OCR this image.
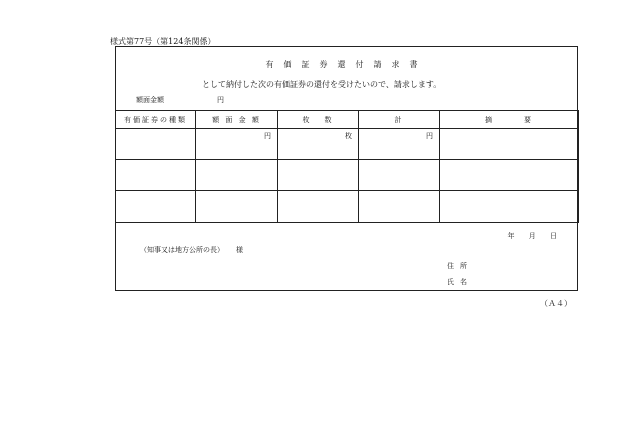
様式第77号（第124条関係）
有価証券還付請求書
として納付した次の有価証券の還付を受けたいので、請求します。
額面金額	円
有価証券の種類	額 面 金 額	枚 数	計	摘 要

	円	枚	円	

年 月 日
（知事又は地方公所の長） 様
住所
氏名
（Ａ４）
